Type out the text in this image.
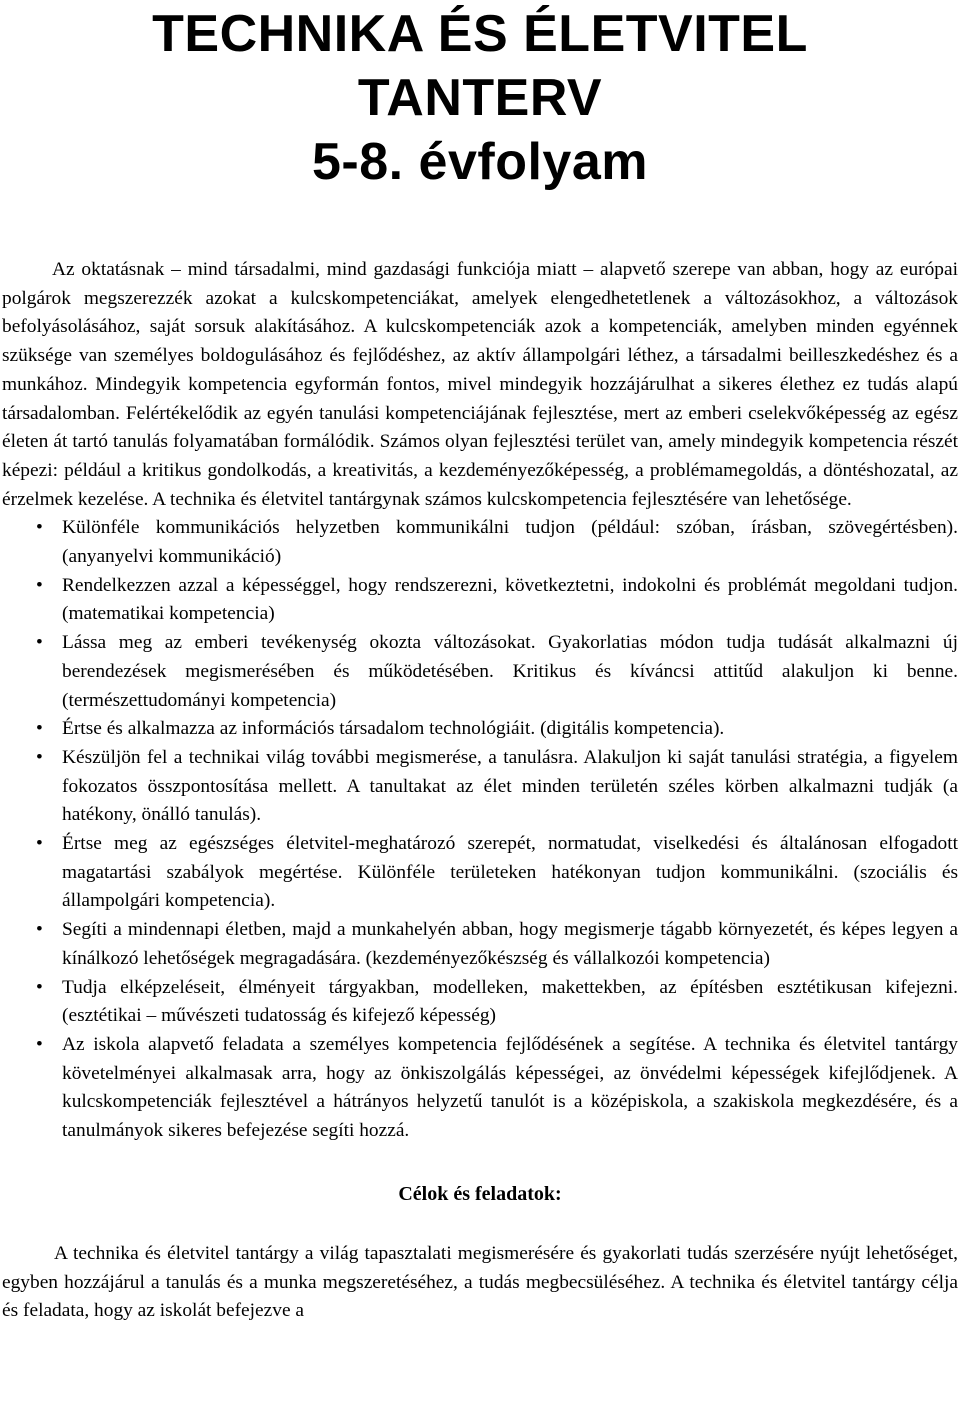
TECHNIKA ÉS ÉLETVITEL
TANTERV
5-8. évfolyam

Az oktatásnak – mind társadalmi, mind gazdasági funkciója miatt – alapvető szerepe van abban, hogy az európai polgárok megszerezzék azokat a kulcskompetenciákat, amelyek elengedhetetlenek a változásokhoz, a változások befolyásolásához, saját sorsuk alakításához. A kulcskompetenciák azok a kompetenciák, amelyben minden egyénnek szüksége van személyes boldogulásához és fejlődéshez, az aktív állampolgári léthez, a társadalmi beilleszkedéshez és a munkához. Mindegyik kompetencia egyformán fontos, mivel mindegyik hozzájárulhat a sikeres élethez ez tudás alapú társadalomban. Felértékelődik az egyén tanulási kompetenciájának fejlesztése, mert az emberi cselekvőképesség az egész életen át tartó tanulás folyamatában formálódik. Számos olyan fejlesztési terület van, amely mindegyik kompetencia részét képezi: például a kritikus gondolkodás, a kreativitás, a kezdeményezőképesség, a problémamegoldás, a döntéshozatal, az érzelmek kezelése. A technika és életvitel tantárgynak számos kulcskompetencia fejlesztésére van lehetősége.

• Különféle kommunikációs helyzetben kommunikálni tudjon (például: szóban, írásban, szövegértésben). (anyanyelvi kommunikáció)
• Rendelkezzen azzal a képességgel, hogy rendszerezni, következtetni, indokolni és problémát megoldani tudjon. (matematikai kompetencia)
• Lássa meg az emberi tevékenység okozta változásokat. Gyakorlatias módon tudja tudását alkalmazni új berendezések megismerésében és működetésében. Kritikus és kíváncsi attitűd alakuljon ki benne. (természettudományi kompetencia)
• Értse és alkalmazza az információs társadalom technológiáit. (digitális kompetencia).
• Készüljön fel a technikai világ további megismerése, a tanulásra. Alakuljon ki saját tanulási stratégia, a figyelem fokozatos összpontosítása mellett. A tanultakat az élet minden területén széles körben alkalmazni tudják (a hatékony, önálló tanulás).
• Értse meg az egészséges életvitel-meghatározó szerepét, normatudat, viselkedési és általánosan elfogadott magatartási szabályok megértése. Különféle területeken hatékonyan tudjon kommunikálni. (szociális és állampolgári kompetencia).
• Segíti a mindennapi életben, majd a munkahelyén abban, hogy megismerje tágabb környezetét, és képes legyen a kínálkozó lehetőségek megragadására. (kezdeményezőkészség és vállalkozói kompetencia)
• Tudja elképzeléseit, élményeit tárgyakban, modelleken, makettekben, az építésben esztétikusan kifejezni. (esztétikai – művészeti tudatosság és kifejező képesség)
• Az iskola alapvető feladata a személyes kompetencia fejlődésének a segítése. A technika és életvitel tantárgy követelményei alkalmasak arra, hogy az önkiszolgálás képességei, az önvédelmi képességek kifejlődjenek. A kulcskompetenciák fejlesztével a hátrányos helyzetű tanulót is a középiskola, a szakiskola megkezdésére, és a tanulmányok sikeres befejezése segíti hozzá.
Célok és feladatok:

A technika és életvitel tantárgy a világ tapasztalati megismerésére és gyakorlati tudás szerzésére nyújt lehetőséget, egyben hozzájárul a tanulás és a munka megszeretéséhez, a tudás megbecsüléséhez. A technika és életvitel tantárgy célja és feladata, hogy az iskolát befejezve a
